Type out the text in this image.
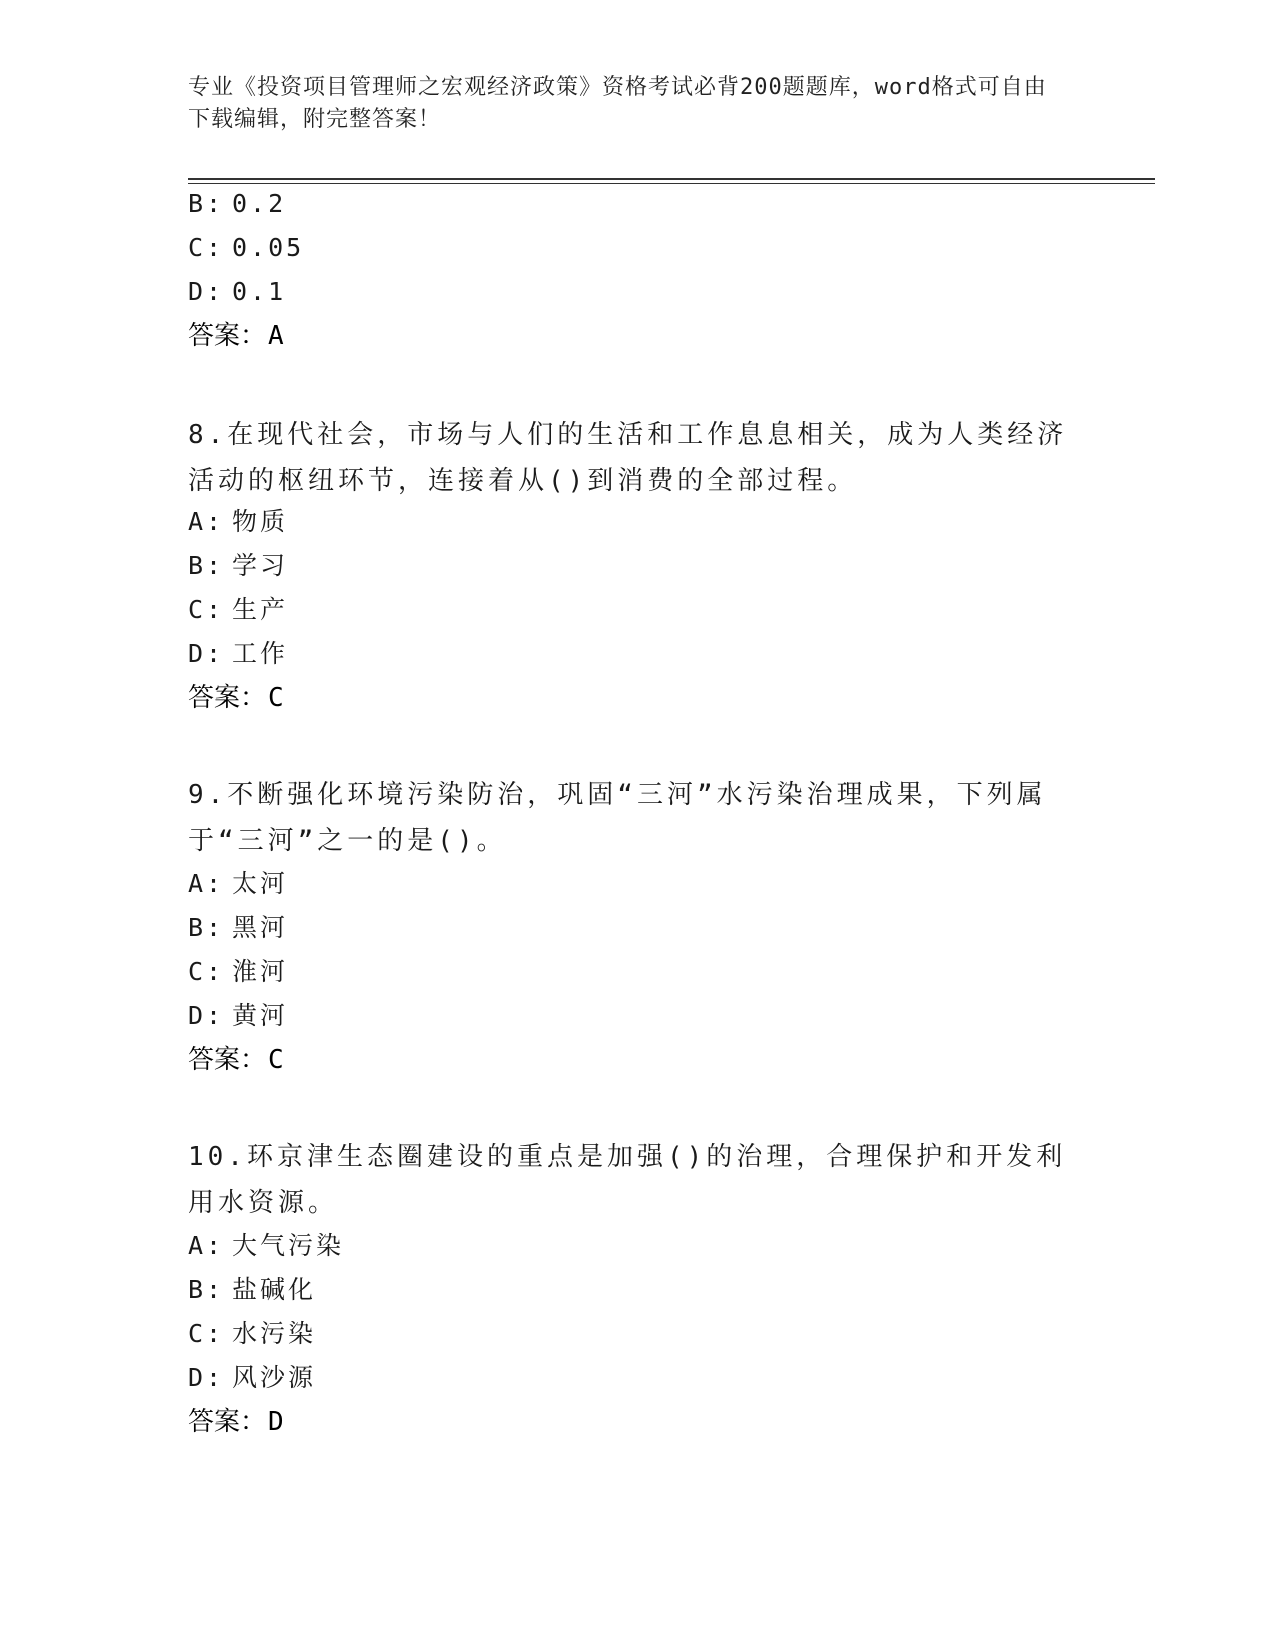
专业《投资项目管理师之宏观经济政策》资格考试必背200题题库，word格式可自由下载编辑，附完整答案！
B: 0.2
C: 0.05
D: 0.1
答案：A
8.在现代社会，市场与人们的生活和工作息息相关，成为人类经济活动的枢纽环节，连接着从()到消费的全部过程。
A: 物质
B: 学习
C: 生产
D: 工作
答案：C
9.不断强化环境污染防治，巩固“三河”水污染治理成果，下列属于“三河”之一的是()。
A: 太河
B: 黑河
C: 淮河
D: 黄河
答案：C
10.环京津生态圈建设的重点是加强()的治理，合理保护和开发利用水资源。
A: 大气污染
B: 盐碱化
C: 水污染
D: 风沙源
答案：D
